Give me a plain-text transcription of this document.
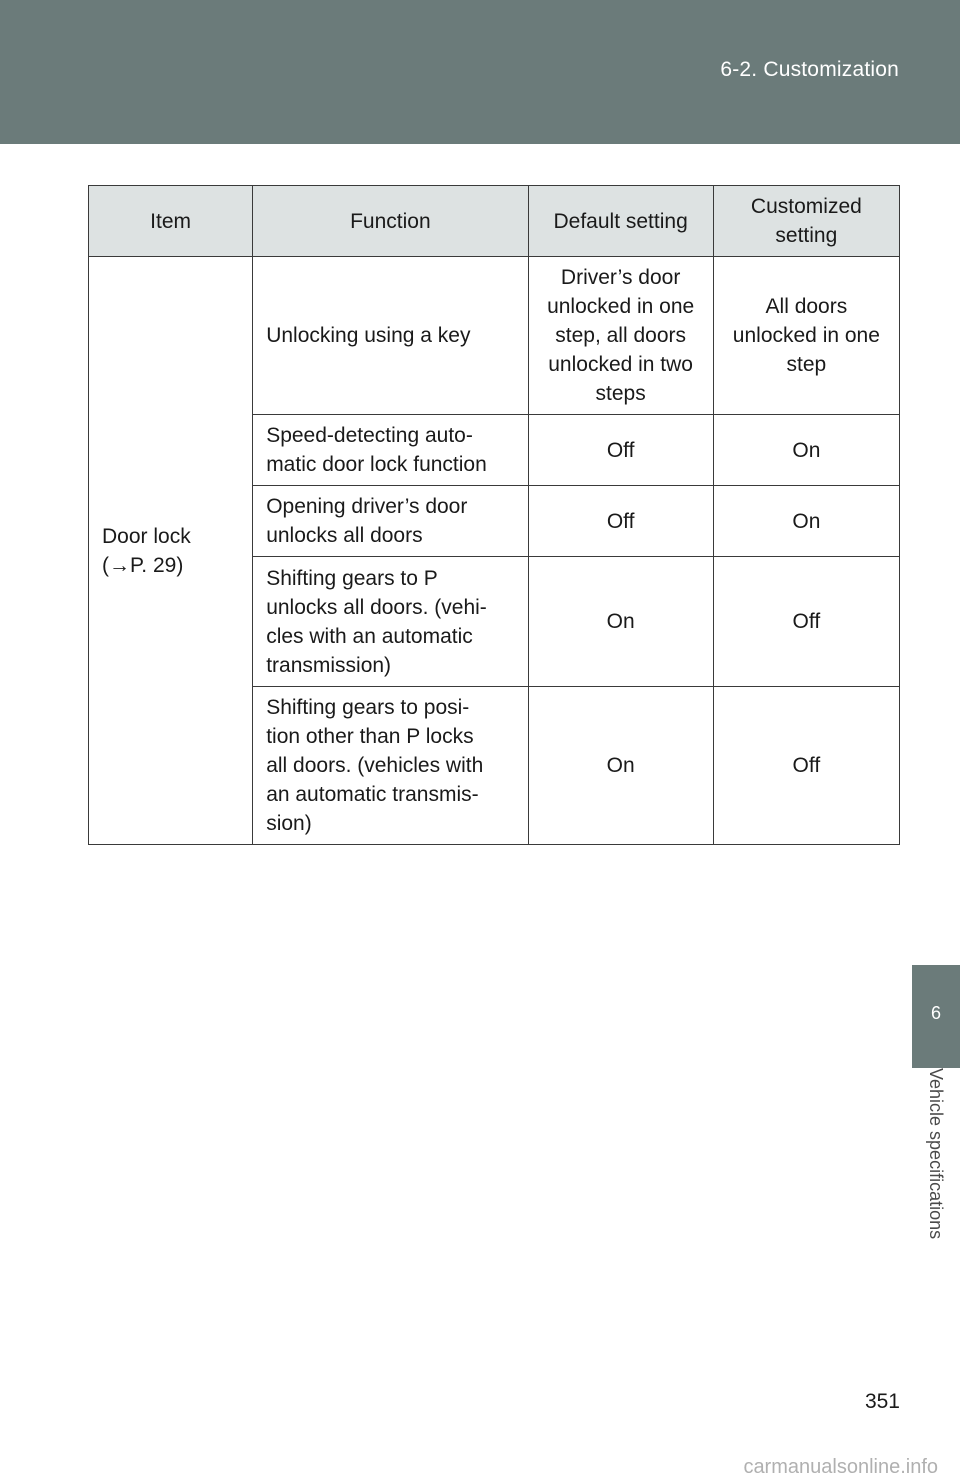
6-2. Customization
6
Vehicle specifications
Item	Function	Default setting	Customized
setting

Door lock
(→P. 29)	Unlocking using a key	Driver’s door
unlocked in one
step, all doors
unlocked in two
steps	All doors
unlocked in one
step

	Speed-detecting auto-
matic door lock function	Off	On

	Opening driver’s door
unlocks all doors	Off	On

	Shifting gears to P
unlocks all doors. (vehi-
cles with an automatic
transmission)	On	Off

	Shifting gears to posi-
tion other than P locks
all doors. (vehicles with
an automatic transmis-
sion)	On	Off
351
carmanualsonline.info
